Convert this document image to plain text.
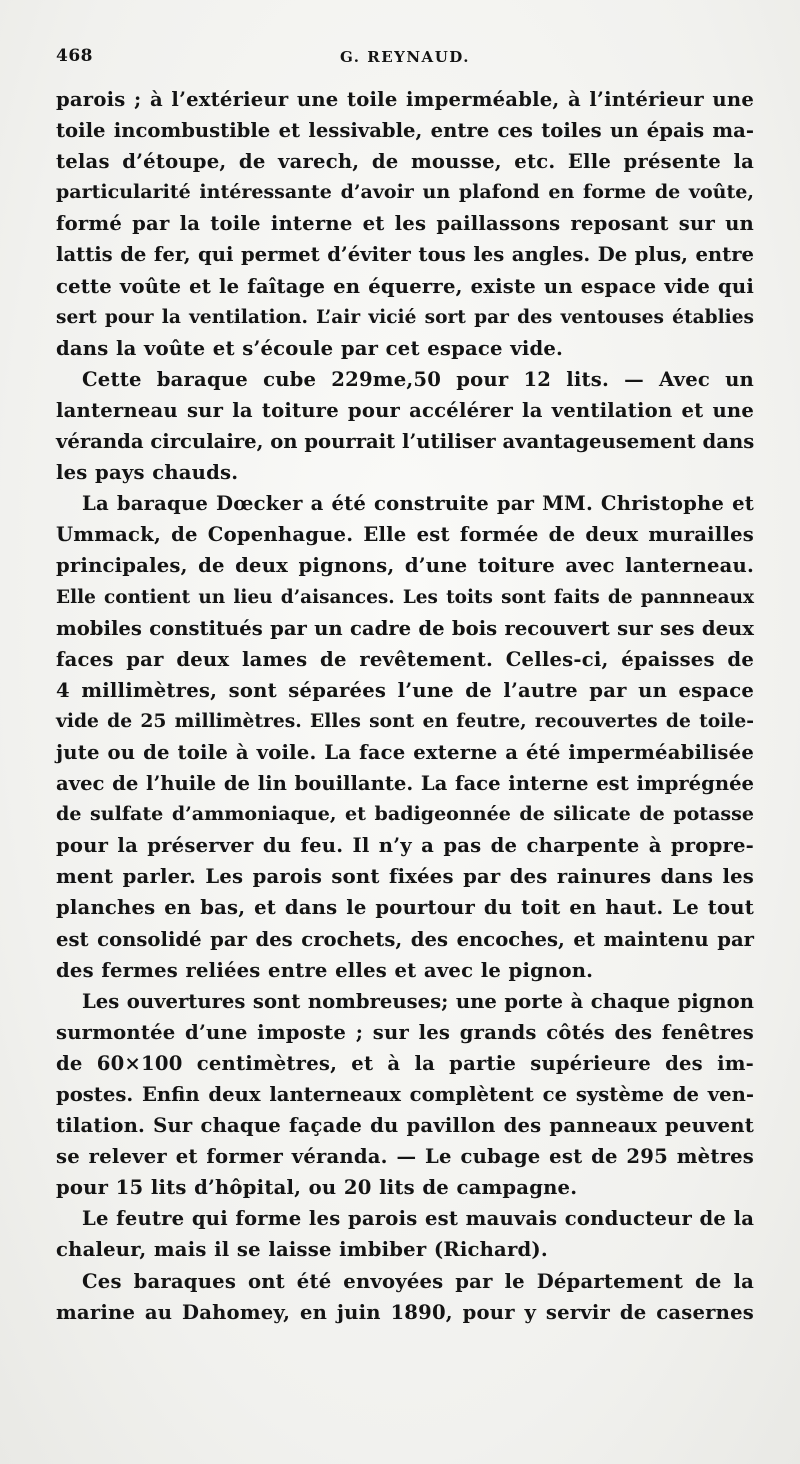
468	G. REYNAUD.
parois ; à l’extérieur une toile imperméable, à l’intérieur une
toile incombustible et lessivable, entre ces toiles un épais ma-
telas d’étoupe, de varech, de mousse, etc. Elle présente la
particularité intéressante d’avoir un plafond en forme de voûte,
formé par la toile interne et les paillassons reposant sur un
lattis de fer, qui permet d’éviter tous les angles. De plus, entre
cette voûte et le faîtage en équerre, existe un espace vide qui
sert pour la ventilation. L’air vicié sort par des ventouses établies
dans la voûte et s’écoule par cet espace vide.
Cette baraque cube 229me,50 pour 12 lits. — Avec un
lanterneau sur la toiture pour accélérer la ventilation et une
véranda circulaire, on pourrait l’utiliser avantageusement dans
les pays chauds.
La baraque Dœcker a été construite par MM. Christophe et
Ummack, de Copenhague. Elle est formée de deux murailles
principales, de deux pignons, d’une toiture avec lanterneau.
Elle contient un lieu d’aisances. Les toits sont faits de pannneaux
mobiles constitués par un cadre de bois recouvert sur ses deux
faces par deux lames de revêtement. Celles-ci, épaisses de
4 millimètres, sont séparées l’une de l’autre par un espace
vide de 25 millimètres. Elles sont en feutre, recouvertes de toile-
jute ou de toile à voile. La face externe a été imperméabilisée
avec de l’huile de lin bouillante. La face interne est imprégnée
de sulfate d’ammoniaque, et badigeonnée de silicate de potasse
pour la préserver du feu. Il n’y a pas de charpente à propre-
ment parler. Les parois sont fixées par des rainures dans les
planches en bas, et dans le pourtour du toit en haut. Le tout
est consolidé par des crochets, des encoches, et maintenu par
des fermes reliées entre elles et avec le pignon.
Les ouvertures sont nombreuses; une porte à chaque pignon
surmontée d’une imposte ; sur les grands côtés des fenêtres
de 60×100 centimètres, et à la partie supérieure des im-
postes. Enfin deux lanterneaux complètent ce système de ven-
tilation. Sur chaque façade du pavillon des panneaux peuvent
se relever et former véranda. — Le cubage est de 295 mètres
pour 15 lits d’hôpital, ou 20 lits de campagne.
Le feutre qui forme les parois est mauvais conducteur de la
chaleur, mais il se laisse imbiber (Richard).
Ces baraques ont été envoyées par le Département de la
marine au Dahomey, en juin 1890, pour y servir de casernes
